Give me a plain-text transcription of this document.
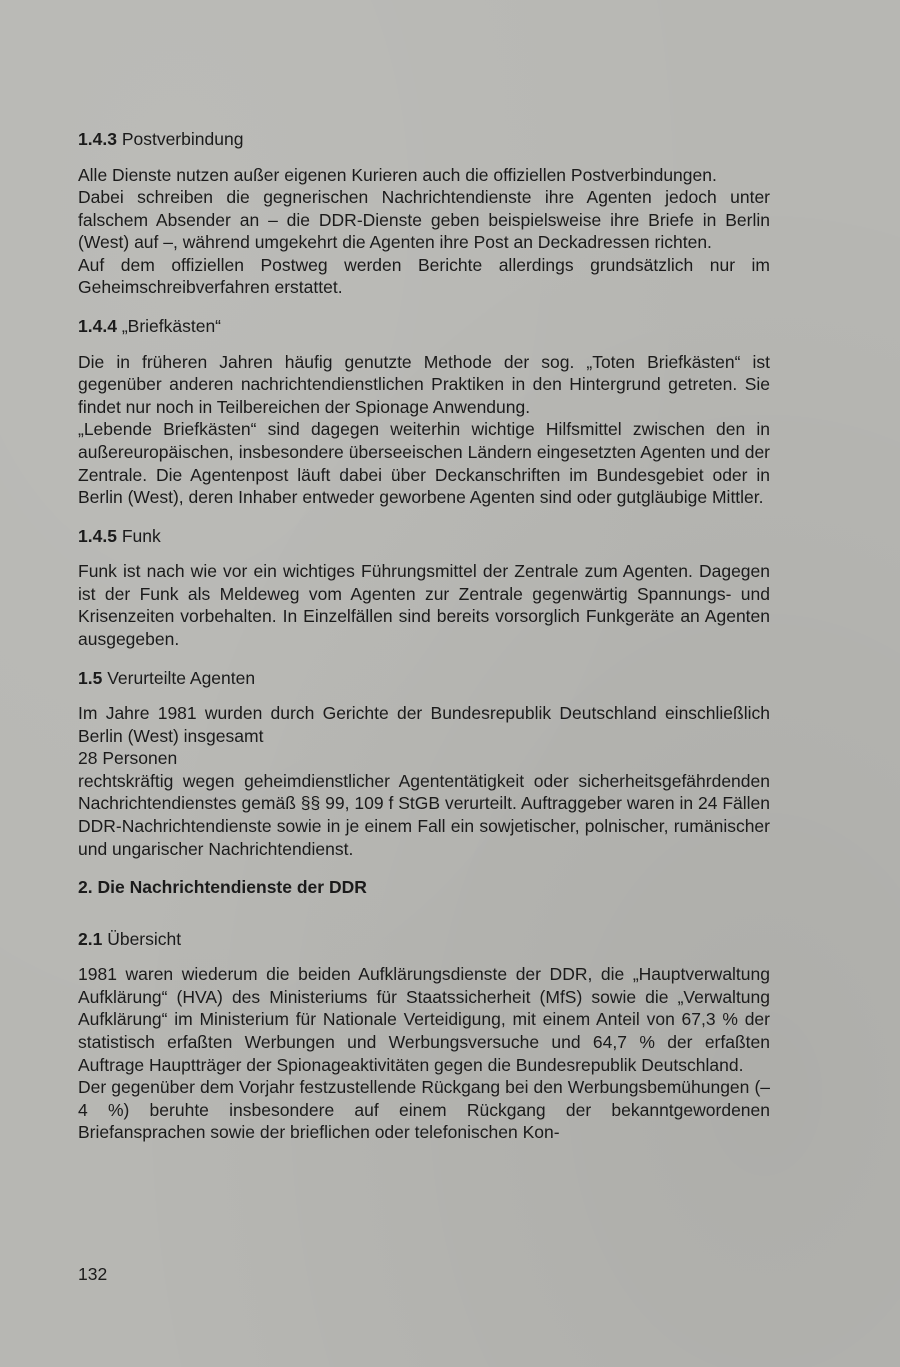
1.4.3 Postverbindung

Alle Dienste nutzen außer eigenen Kurieren auch die offiziellen Postverbindungen.

Dabei schreiben die gegnerischen Nachrichtendienste ihre Agenten jedoch unter falschem Absender an – die DDR-Dienste geben beispielsweise ihre Briefe in Berlin (West) auf –, während umgekehrt die Agenten ihre Post an Deckadressen richten.

Auf dem offiziellen Postweg werden Berichte allerdings grundsätzlich nur im Geheimschreibverfahren erstattet.

1.4.4 „Briefkästen“

Die in früheren Jahren häufig genutzte Methode der sog. „Toten Briefkästen“ ist gegenüber anderen nachrichtendienstlichen Praktiken in den Hintergrund getreten. Sie findet nur noch in Teilbereichen der Spionage Anwendung.

„Lebende Briefkästen“ sind dagegen weiterhin wichtige Hilfsmittel zwischen den in außereuropäischen, insbesondere überseeischen Ländern eingesetzten Agenten und der Zentrale. Die Agentenpost läuft dabei über Deckanschriften im Bundesgebiet oder in Berlin (West), deren Inhaber entweder geworbene Agenten sind oder gutgläubige Mittler.

1.4.5 Funk

Funk ist nach wie vor ein wichtiges Führungsmittel der Zentrale zum Agenten. Dagegen ist der Funk als Meldeweg vom Agenten zur Zentrale gegenwärtig Spannungs- und Krisenzeiten vorbehalten. In Einzelfällen sind bereits vorsorglich Funkgeräte an Agenten ausgegeben.

1.5 Verurteilte Agenten

Im Jahre 1981 wurden durch Gerichte der Bundesrepublik Deutschland einschließlich Berlin (West) insgesamt

28 Personen

rechtskräftig wegen geheimdienstlicher Agententätigkeit oder sicherheitsgefährdenden Nachrichtendienstes gemäß §§ 99, 109 f StGB verurteilt. Auftraggeber waren in 24 Fällen DDR-Nachrichtendienste sowie in je einem Fall ein sowjetischer, polnischer, rumänischer und ungarischer Nachrichtendienst.

2. Die Nachrichtendienste der DDR
2.1 Übersicht

1981 waren wiederum die beiden Aufklärungsdienste der DDR, die „Hauptverwaltung Aufklärung“ (HVA) des Ministeriums für Staatssicherheit (MfS) sowie die „Verwaltung Aufklärung“ im Ministerium für Nationale Verteidigung, mit einem Anteil von 67,3 % der statistisch erfaßten Werbungen und Werbungsversuche und 64,7 % der erfaßten Auftrage Hauptträger der Spionageaktivitäten gegen die Bundesrepublik Deutschland.

Der gegenüber dem Vorjahr festzustellende Rückgang bei den Werbungsbemühungen (– 4 %) beruhte insbesondere auf einem Rückgang der bekanntgewordenen Briefansprachen sowie der brieflichen oder telefonischen Kon-

132
